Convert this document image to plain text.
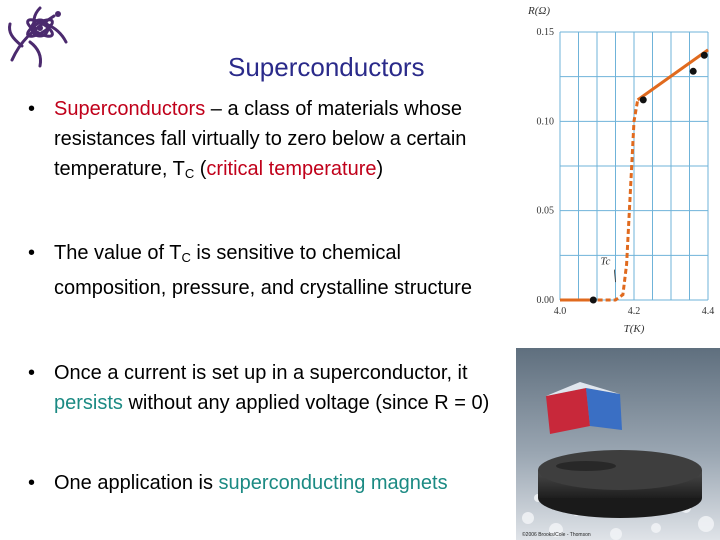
Superconductors
• Superconductors – a class of materials whose resistances fall virtually to zero below a certain temperature, $T_C$ (critical temperature)
• The value of $T_C$ is sensitive to chemical composition, pressure, and crystalline structure
• Once a current is set up in a superconductor, it persists without any applied voltage (since R = 0)
• One application is superconducting magnets
0.15
0.10
0.05
0.00
4.0	4.2	4.4
R(Ω)
T(K)
Tc
©2006 Brooks/Cole - Thomson
